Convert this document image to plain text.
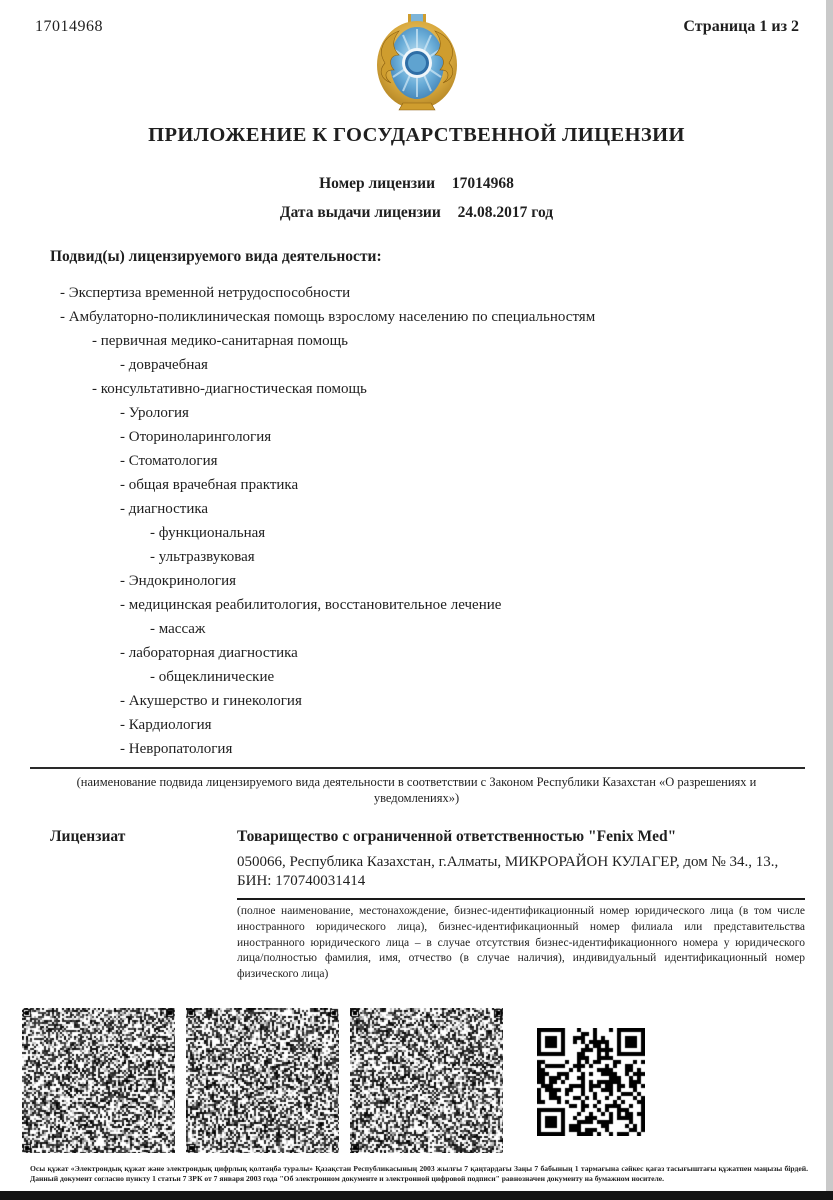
17014968	Страница 1 из 2
ПРИЛОЖЕНИЕ К ГОСУДАРСТВЕННОЙ ЛИЦЕНЗИИ
Номер лицензии 17014968
Дата выдачи лицензии 24.08.2017 год
Подвид(ы) лицензируемого вида деятельности:
- Экспертиза временной нетрудоспособности
- Амбулаторно-поликлиническая помощь взрослому населению по специальностям
- первичная медико-санитарная помощь
- доврачебная
- консультативно-диагностическая помощь
- Урология
- Оториноларингология
- Стоматология
- общая врачебная практика
- диагностика
- функциональная
- ультразвуковая
- Эндокринология
- медицинская реабилитология, восстановительное лечение
- массаж
- лабораторная диагностика
- общеклинические
- Акушерство и гинекология
- Кардиология
- Невропатология
(наименование подвида лицензируемого вида деятельности в соответствии с Законом Республики Казахстан «О разрешениях и уведомлениях»)
Лицензиат	Товарищество с ограниченной ответственностью "Fenix Med"
050066, Республика Казахстан, г.Алматы, МИКРОРАЙОН КУЛАГЕР, дом № 34., 13., БИН: 170740031414
(полное наименование, местонахождение, бизнес-идентификационный номер юридического лица (в том числе иностранного юридического лица), бизнес-идентификационный номер филиала или представительства иностранного юридического лица – в случае отсутствия бизнес-идентификационного номера у юридического лица/полностью фамилия, имя, отчество (в случае наличия), индивидуальный идентификационный номер физического лица)
Осы құжат «Электрондық құжат және электрондық цифрлық қолтаңба туралы» Қазақстан Республикасының 2003 жылғы 7 қаңтардағы Заңы 7 бабының 1 тармағына сәйкес қағаз тасығыштағы құжатпен маңызы бірдей. Данный документ согласно пункту 1 статьи 7 ЗРК от 7 января 2003 года "Об электронном документе и электронной цифровой подписи" равнозначен документу на бумажном носителе.
